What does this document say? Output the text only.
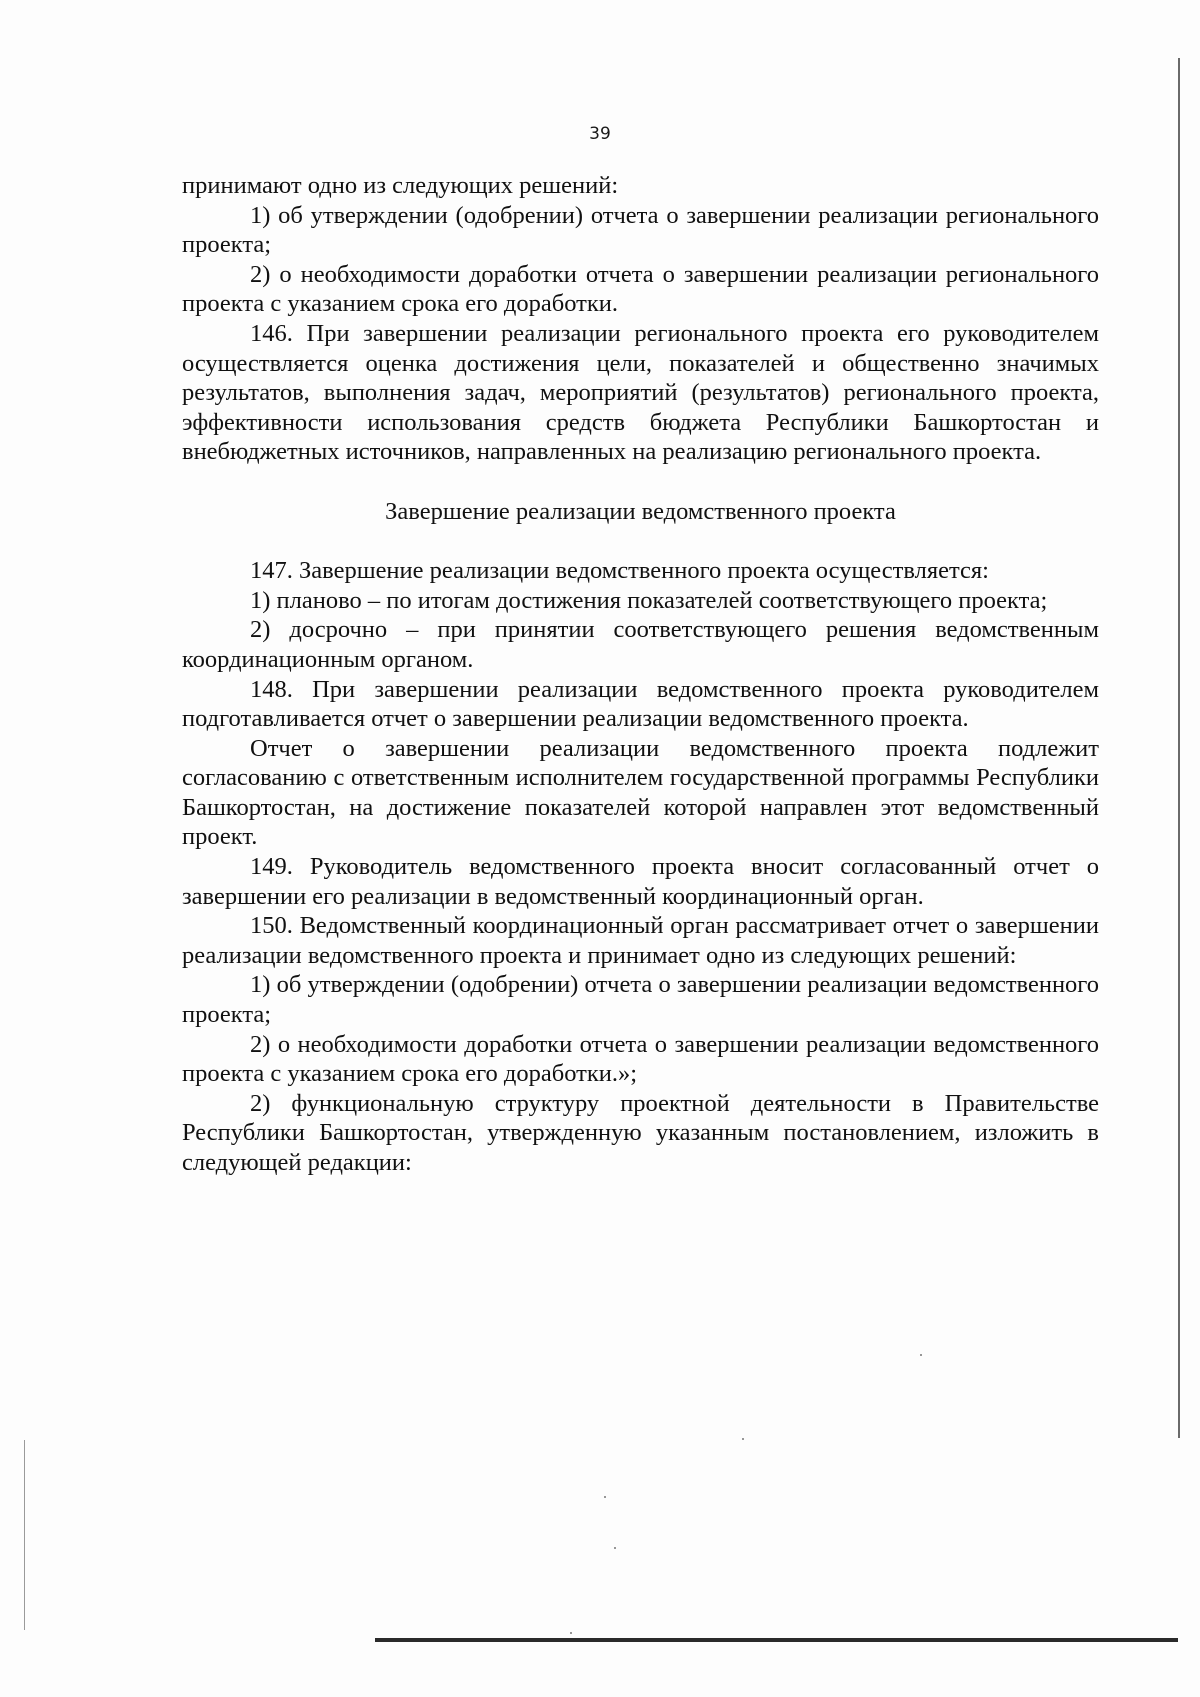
39

принимают одно из следующих решений:

1) об утверждении (одобрении) отчета о завершении реализации регионального проекта;

2) о необходимости доработки отчета о завершении реализации регионального проекта с указанием срока его доработки.

146. При завершении реализации регионального проекта его руководителем осуществляется оценка достижения цели, показателей и общественно значимых результатов, выполнения задач, мероприятий (результатов) регионального проекта, эффективности использования средств бюджета Республики Башкортостан и внебюджетных источников, направленных на реализацию регионального проекта.

Завершение реализации ведомственного проекта

147. Завершение реализации ведомственного проекта осуществляется:

1) планово – по итогам достижения показателей соответствующего проекта;

2) досрочно – при принятии соответствующего решения ведомственным координационным органом.

148. При завершении реализации ведомственного проекта руководителем подготавливается отчет о завершении реализации ведомственного проекта.

Отчет о завершении реализации ведомственного проекта подлежит согласованию с ответственным исполнителем государственной программы Республики Башкортостан, на достижение показателей которой направлен этот ведомственный проект.

149. Руководитель ведомственного проекта вносит согласованный отчет о завершении его реализации в ведомственный координационный орган.

150. Ведомственный координационный орган рассматривает отчет о завершении реализации ведомственного проекта и принимает одно из следующих решений:

1) об утверждении (одобрении) отчета о завершении реализации ведомственного проекта;

2) о необходимости доработки отчета о завершении реализации ведомственного проекта с указанием срока его доработки.»;

2) функциональную структуру проектной деятельности в Правительстве Республики Башкортостан, утвержденную указанным постановлением, изложить в следующей редакции:
